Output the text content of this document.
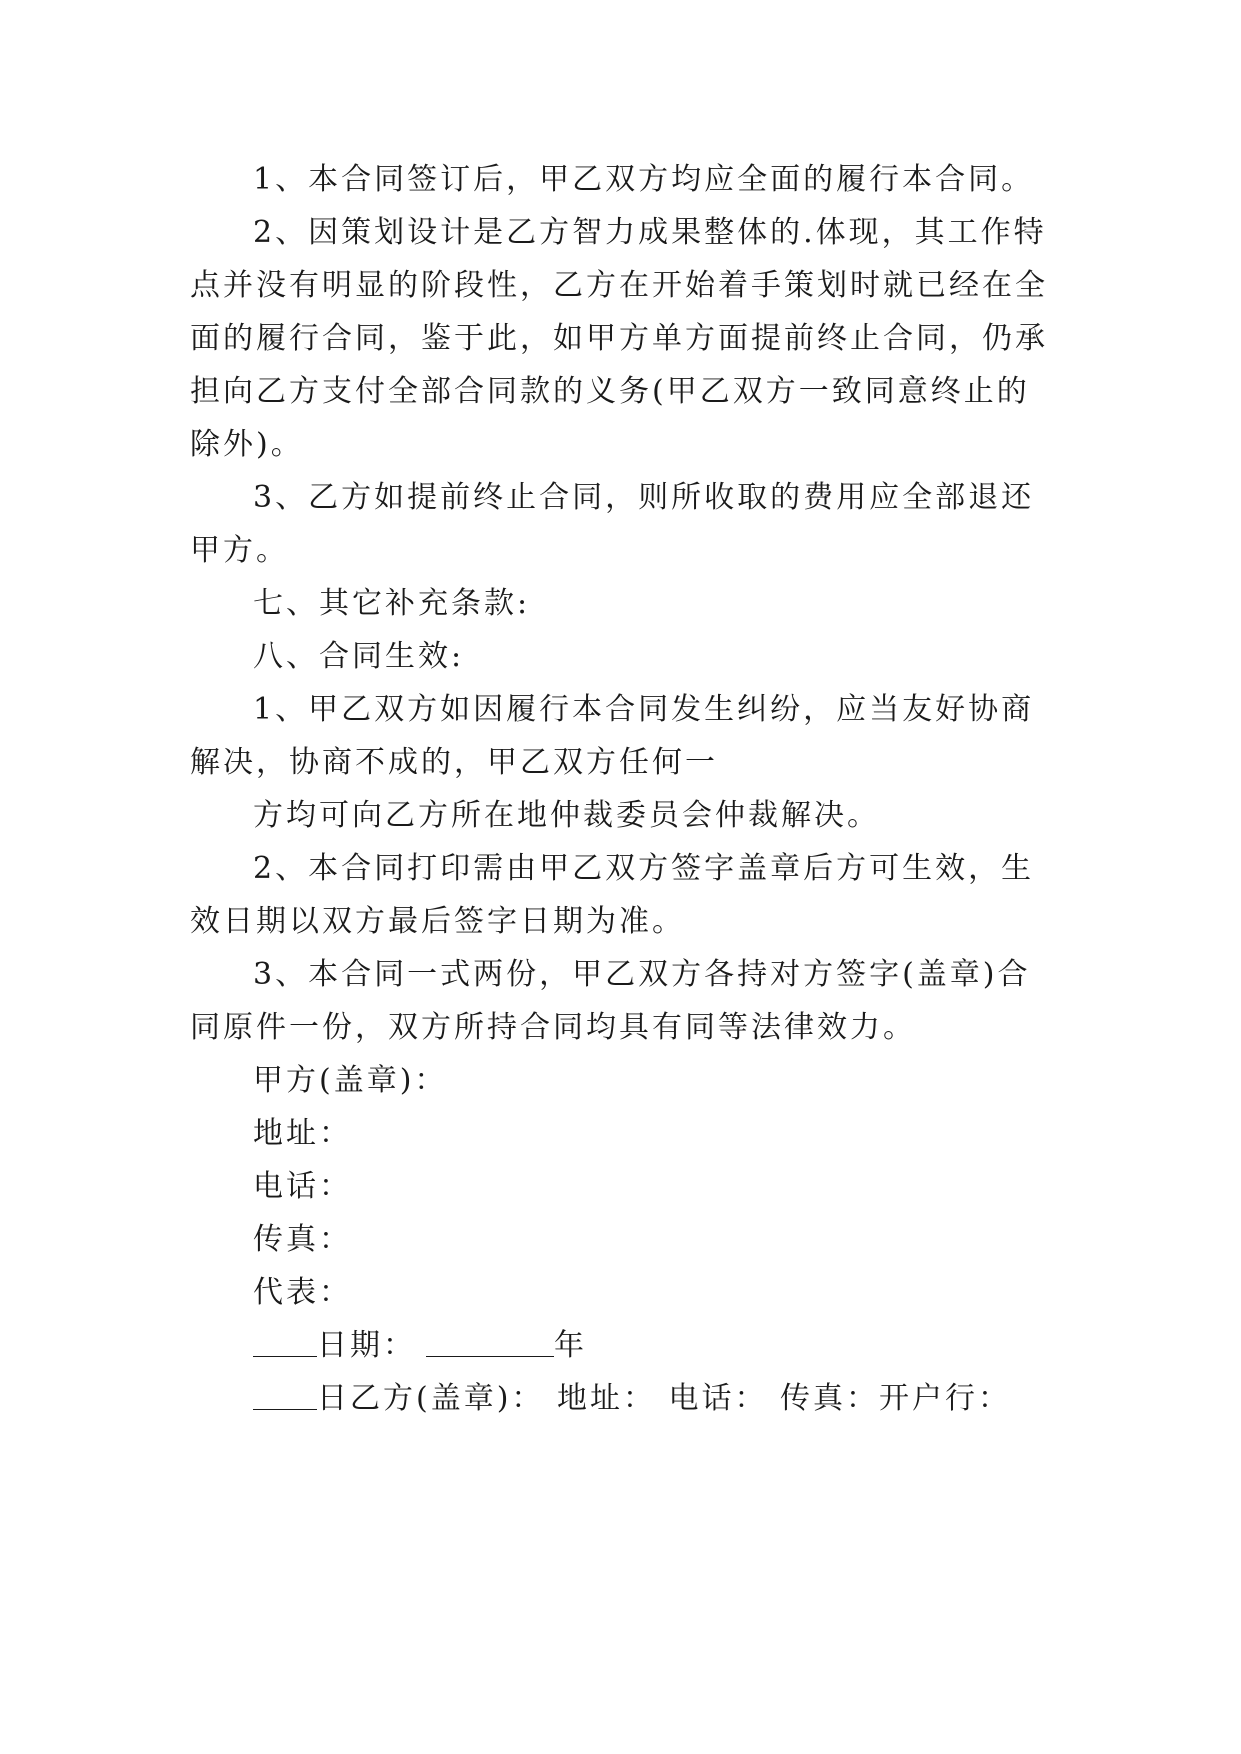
1、本合同签订后，甲乙双方均应全面的履行本合同。
2、因策划设计是乙方智力成果整体的.体现，其工作特
点并没有明显的阶段性，乙方在开始着手策划时就已经在全
面的履行合同，鉴于此，如甲方单方面提前终止合同，仍承
担向乙方支付全部合同款的义务(甲乙双方一致同意终止的
除外)。
3、乙方如提前终止合同，则所收取的费用应全部退还
甲方。
七、其它补充条款:
八、合同生效:
1、甲乙双方如因履行本合同发生纠纷，应当友好协商
解决，协商不成的，甲乙双方任何一
方均可向乙方所在地仲裁委员会仲裁解决。
2、本合同打印需由甲乙双方签字盖章后方可生效，生
效日期以双方最后签字日期为准。
3、本合同一式两份，甲乙双方各持对方签字(盖章)合
同原件一份，双方所持合同均具有同等法律效力。
甲方(盖章)：
地址：
电话：
传真：
代表：
日期：	年
日乙方(盖章)： 地址： 电话： 传真：开户行：
